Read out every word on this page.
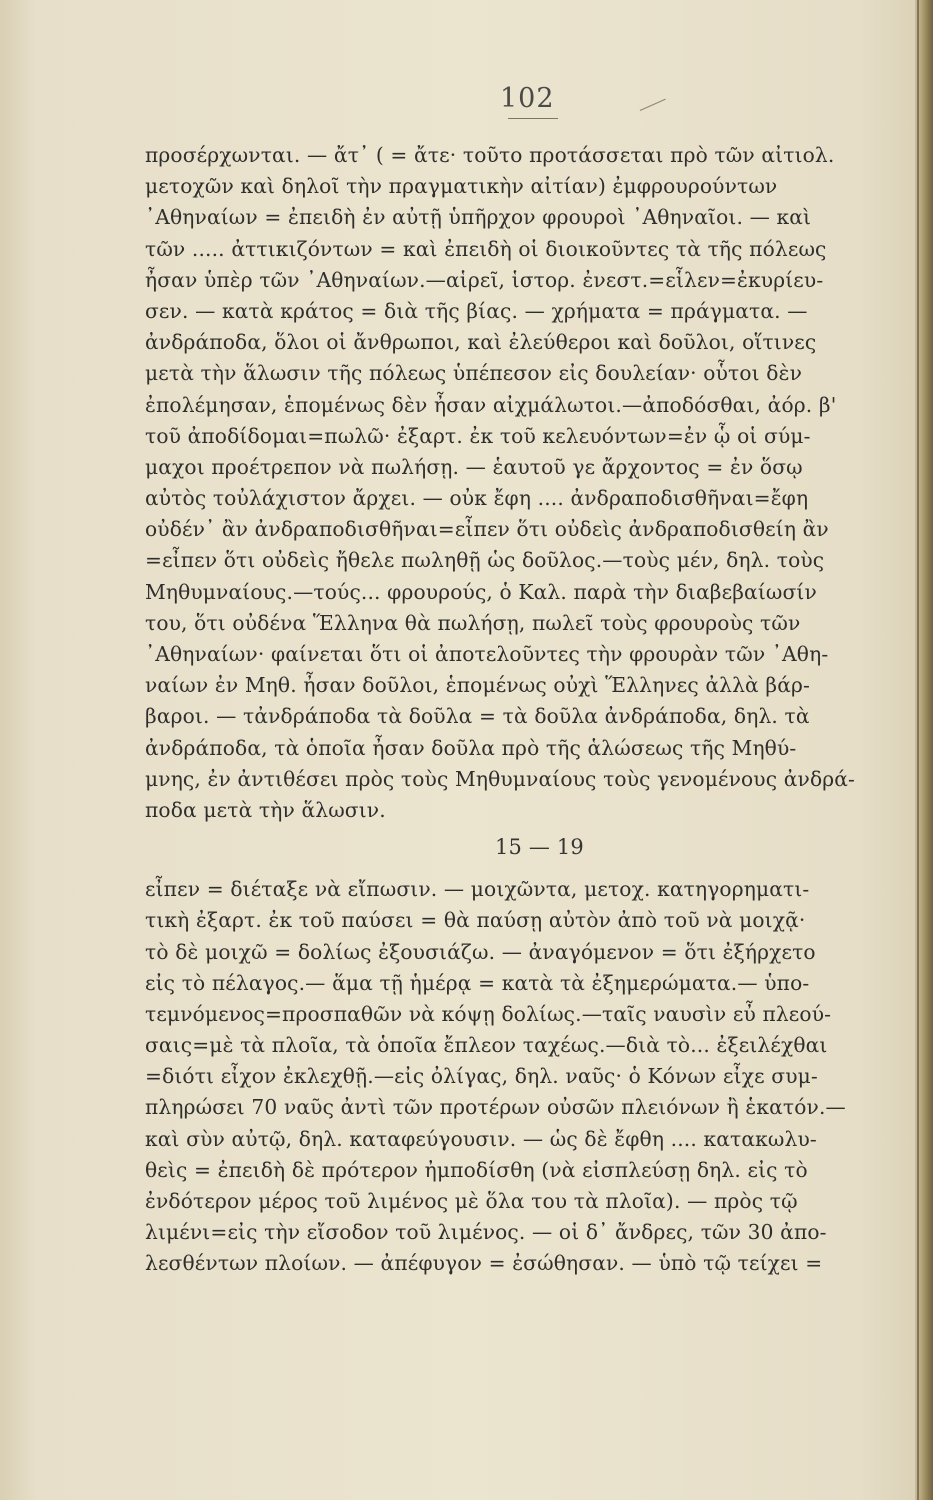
102
προσέρχωνται. — ἄτ᾽ ( = ἄτε· τοῦτο προτάσσεται πρὸ τῶν αἰτιολ.
μετοχῶν καὶ δηλοῖ τὴν πραγματικὴν αἰτίαν) ἐμφρουρούντων
᾽Αθηναίων = ἐπειδὴ ἐν αὐτῇ ὑπῆρχον φρουροὶ ᾽Αθηναῖοι. — καὶ
τῶν ..... ἀττικιζόντων = καὶ ἐπειδὴ οἱ διοικοῦντες τὰ τῆς πόλεως
ἦσαν ὑπὲρ τῶν ᾽Αθηναίων.—αἱρεῖ, ἱστορ. ἐνεστ.=εἷλεν=ἐκυρίευ-
σεν. — κατὰ κράτος = διὰ τῆς βίας. — χρήματα = πράγματα. —
ἀνδράποδα, ὅλοι οἱ ἄνθρωποι, καὶ ἐλεύθεροι καὶ δοῦλοι, οἵτινες
μετὰ τὴν ἅλωσιν τῆς πόλεως ὑπέπεσον εἰς δουλείαν· οὗτοι δὲν
ἐπολέμησαν, ἑπομένως δὲν ἦσαν αἰχμάλωτοι.—ἀποδόσθαι, ἀόρ. β'
τοῦ ἀποδίδομαι=πωλῶ· ἐξαρτ. ἐκ τοῦ κελευόντων=ἐν ᾧ οἱ σύμ-
μαχοι προέτρεπον νὰ πωλήσῃ. — ἑαυτοῦ γε ἄρχοντος = ἐν ὅσῳ
αὐτὸς τοὐλάχιστον ἄρχει. — οὐκ ἔφη .... ἀνδραποδισθῆναι=ἔφη
οὐδέν᾽ ἂν ἀνδραποδισθῆναι=εἶπεν ὅτι οὐδεὶς ἀνδραποδισθείη ἂν
=εἶπεν ὅτι οὐδεὶς ἤθελε πωληθῇ ὡς δοῦλος.—τοὺς μέν, δηλ. τοὺς
Μηθυμναίους.—τούς... φρουρούς, ὁ Καλ. παρὰ τὴν διαβεβαίωσίν
του, ὅτι οὐδένα Ἕλληνα θὰ πωλήσῃ, πωλεῖ τοὺς φρουροὺς τῶν
᾽Αθηναίων· φαίνεται ὅτι οἱ ἀποτελοῦντες τὴν φρουρὰν τῶν ᾽Αθη-
ναίων ἐν Μηθ. ἦσαν δοῦλοι, ἑπομένως οὐχὶ Ἕλληνες ἀλλὰ βάρ-
βαροι. — τἀνδράποδα τὰ δοῦλα = τὰ δοῦλα ἀνδράποδα, δηλ. τὰ
ἀνδράποδα, τὰ ὁποῖα ἦσαν δοῦλα πρὸ τῆς ἁλώσεως τῆς Μηθύ-
μνης, ἐν ἀντιθέσει πρὸς τοὺς Μηθυμναίους τοὺς γενομένους ἀνδρά-
ποδα μετὰ τὴν ἅλωσιν.
15 — 19
εἶπεν = διέταξε νὰ εἴπωσιν. — μοιχῶντα, μετοχ. κατηγορηματι-
τικὴ ἐξαρτ. ἐκ τοῦ παύσει = θὰ παύσῃ αὐτὸν ἀπὸ τοῦ νὰ μοιχᾷ·
τὸ δὲ μοιχῶ = δολίως ἐξουσιάζω. — ἀναγόμενον = ὅτι ἐξήρχετο
εἰς τὸ πέλαγος.— ἅμα τῇ ἡμέρᾳ = κατὰ τὰ ἐξημερώματα.— ὑπο-
τεμνόμενος=προσπαθῶν νὰ κόψῃ δολίως.—ταῖς ναυσὶν εὖ πλεού-
σαις=μὲ τὰ πλοῖα, τὰ ὁποῖα ἔπλεον ταχέως.—διὰ τὸ... ἐξειλέχθαι
=διότι εἶχον ἐκλεχθῇ.—εἰς ὀλίγας, δηλ. ναῦς· ὁ Κόνων εἶχε συμ-
πληρώσει 70 ναῦς ἀντὶ τῶν προτέρων οὐσῶν πλειόνων ἢ ἑκατόν.—
καὶ σὺν αὐτῷ, δηλ. καταφεύγουσιν. — ὡς δὲ ἔφθη .... κατακωλυ-
θεὶς = ἐπειδὴ δὲ πρότερον ἠμποδίσθη (νὰ εἰσπλεύσῃ δηλ. εἰς τὸ
ἐνδότερον μέρος τοῦ λιμένος μὲ ὅλα του τὰ πλοῖα). — πρὸς τῷ
λιμένι=εἰς τὴν εἴσοδον τοῦ λιμένος. — οἱ δ᾽ ἄνδρες, τῶν 30 ἀπο-
λεσθέντων πλοίων. — ἀπέφυγον = ἐσώθησαν. — ὑπὸ τῷ τείχει =
